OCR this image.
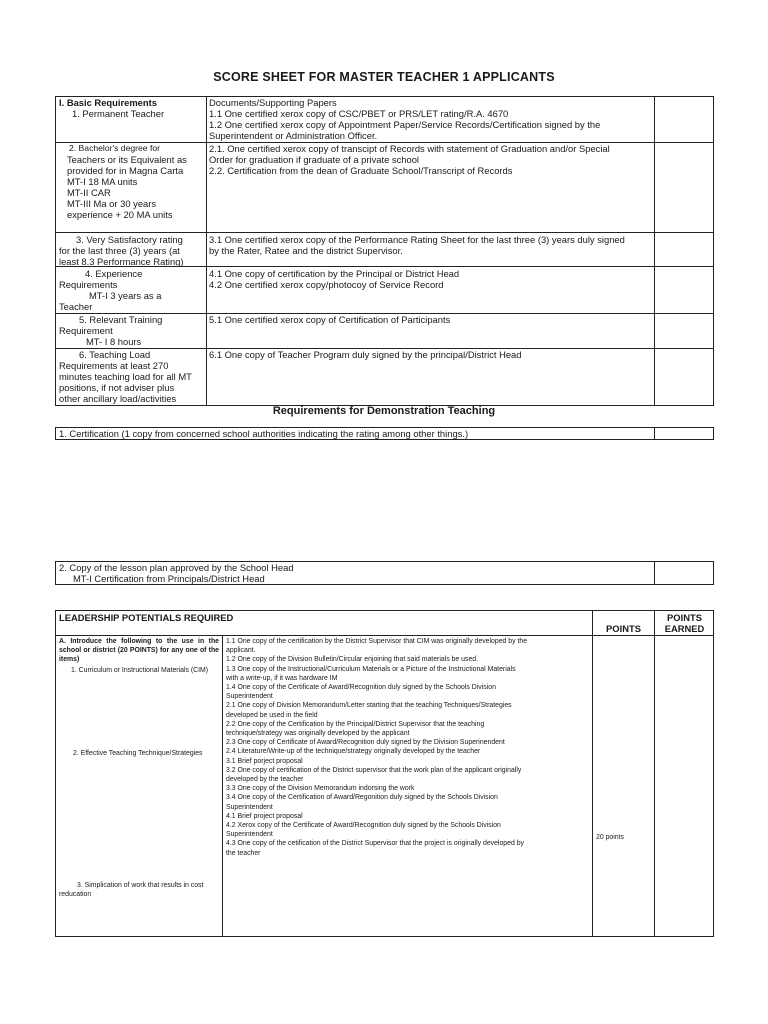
SCORE SHEET FOR MASTER TEACHER 1 APPLICANTS
I. Basic Requirements
1. Permanent Teacher
Documents/Supporting Papers
1.1 One certified xerox copy of CSC/PBET or PRS/LET rating/R.A. 4670
1.2 One certified xerox copy of Appointment Paper/Service Records/Certification signed by the
Superintendent or Administration Officer.
2. Bachelor's degree for
Teachers or its Equivalent as
provided for in Magna Carta
MT-I 18 MA units
MT-II CAR
MT-III Ma or 30 years
experience + 20 MA units
2.1. One certified xerox copy of transcipt of Records with statement of Graduation and/or Special
Order for graduation if graduate of a private school
2.2. Certification from the dean of Graduate School/Transcript of Records
3. Very Satisfactory rating
for the last three (3) years (at
least 8.3 Performance Rating)
3.1 One certified xerox copy of the Performance Rating Sheet for the last three (3) years duly signed
by the Rater, Ratee and the district Supervisor.
4. Experience
Requirements
MT-I 3 years as a
Teacher
4.1 One copy of certification by the Principal or District Head
4.2 One certified xerox copy/photocoy of Service Record
5. Relevant Training
Requirement
MT- I 8 hours
5.1 One certified xerox copy of Certification of Participants
6. Teaching Load
Requirements at least 270
minutes teaching load for all MT
positions, if not adviser plus
other ancillary load/activities
6.1 One copy of Teacher Program duly signed by the principal/District Head
Requirements for Demonstration Teaching
1. Certification (1 copy from concerned school authorities indicating the rating among other things.)
2. Copy of the lesson plan approved by the School Head
MT-I Certification from Principals/District Head
LEADERSHIP POTENTIALS REQUIRED
POINTS
POINTS
EARNED
A. Introduce the following to the use in the school or district (20 POINTS) for any one of the items)
1. Curriculum or Instructional Materials (CIM)
2. Effective Teaching Technique/Strategies
3. Simplication of work that results in cost reducation
1.1 One copy of the certification by the District Supervisor that CIM was originally developed by the
applicant.
1.2 One copy of the Division Bulletin/Circular enjoining that said materials be used.
1.3 One copy of the Instructional/Curriculum Materials or a Picture of the Instructional Materials
with a write-up, if it was hardware IM
1.4 One copy of the Certificate of Award/Recognition duly signed by the Schools Division
Superintendent
2.1 One copy of Division Memorandum/Letter starting that the teaching Techniques/Strategies
developed be used in the field
2.2 One copy of the Certification by the Principal/District Supervisor that the teaching
technique/strategy was originally developed by the applicant
2.3 One copy of Certificate of Award/Recognition duly signed by the Division Superinendent
2.4 Literature/Write-up of the technique/strategy originally developed by the teacher
3.1 Brief porject proposal
3.2 One copy of certification of the District supervisor that the work plan of the applicant originally
developed by the teacher
3.3 One copy of the Division Memorandum indorsing the work
3.4 One copy of the Certification of Award/Regonition duly signed by the Schools Division
Superintendent
4.1 Brief project proposal
4.2 Xerox copy of the Certificate of Award/Recognition duly signed by the Schools Division
Superintendent
4.3 One copy of the cetification of the District Supervisor that the project is originally developed by
the teacher
20 points
